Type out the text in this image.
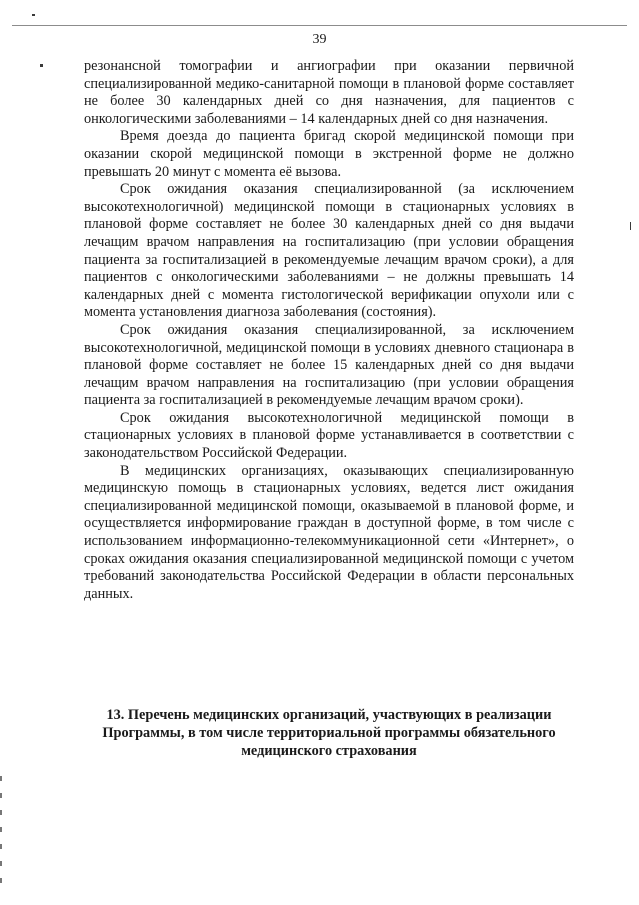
39

резонансной томографии и ангиографии при оказании первичной специализированной медико-санитарной помощи в плановой форме составляет не более 30 календарных дней со дня назначения, для пациентов с онкологическими заболеваниями – 14 календарных дней со дня назначения.

Время доезда до пациента бригад скорой медицинской помощи при оказании скорой медицинской помощи в экстренной форме не должно превышать 20 минут с момента её вызова.

Срок ожидания оказания специализированной (за исключением высокотехнологичной) медицинской помощи в стационарных условиях в плановой форме составляет не более 30 календарных дней со дня выдачи лечащим врачом направления на госпитализацию (при условии обращения пациента за госпитализацией в рекомендуемые лечащим врачом сроки), а для пациентов с онкологическими заболеваниями – не должны превышать 14 календарных дней с момента гистологической верификации опухоли или с момента установления диагноза заболевания (состояния).

Срок ожидания оказания специализированной, за исключением высокотехнологичной, медицинской помощи в условиях дневного стационара в плановой форме составляет не более 15 календарных дней со дня выдачи лечащим врачом направления на госпитализацию (при условии обращения пациента за госпитализацией в рекомендуемые лечащим врачом сроки).

Срок ожидания высокотехнологичной медицинской помощи в стационарных условиях в плановой форме устанавливается в соответствии с законодательством Российской Федерации.

В медицинских организациях, оказывающих специализированную медицинскую помощь в стационарных условиях, ведется лист ожидания специализированной медицинской помощи, оказываемой в плановой форме, и осуществляется информирование граждан в доступной форме, в том числе с использованием информационно-телекоммуникационной сети «Интернет», о сроках ожидания оказания специализированной медицинской помощи с учетом требований законодательства Российской Федерации в области персональных данных.

13. Перечень медицинских организаций, участвующих в реализации Программы, в том числе территориальной программы обязательного медицинского страхования
